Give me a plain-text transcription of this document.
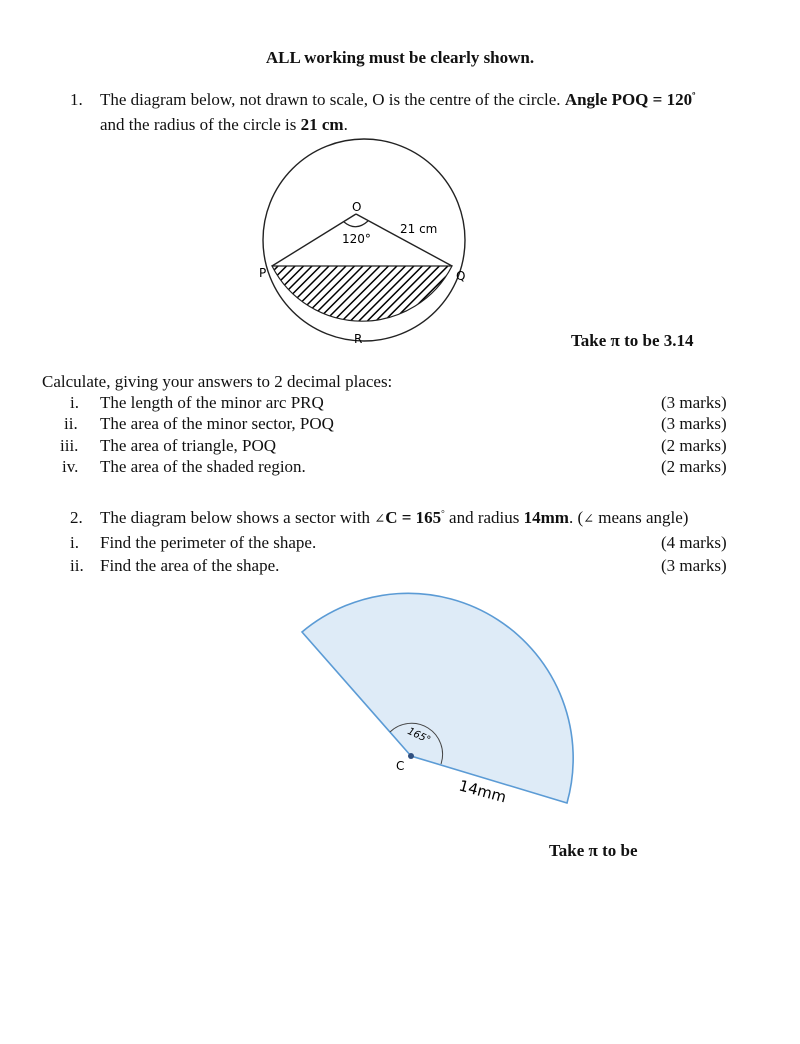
ALL working must be clearly shown.
1. The diagram below, not drawn to scale, O is the centre of the circle. Angle POQ = $120^º$
and the radius of the circle is 21 cm.
O
120°
21 cm
P	Q
R	Take π to be 3.14
Calculate, giving your answers to 2 decimal places:
i. The length of the minor arc PRQ	(3 marks)
ii. The area of the minor sector, POQ	(3 marks)
iii. The area of triangle, POQ	(2 marks)
iv. The area of the shaded region.	(2 marks)
2. The diagram below shows a sector with ∠C = 165° and radius 14mm. (∠ means angle)
i. Find the perimeter of the shape.	(4 marks)
ii. Find the area of the shape.	(3 marks)
165°
C
14mm
Take π to be
